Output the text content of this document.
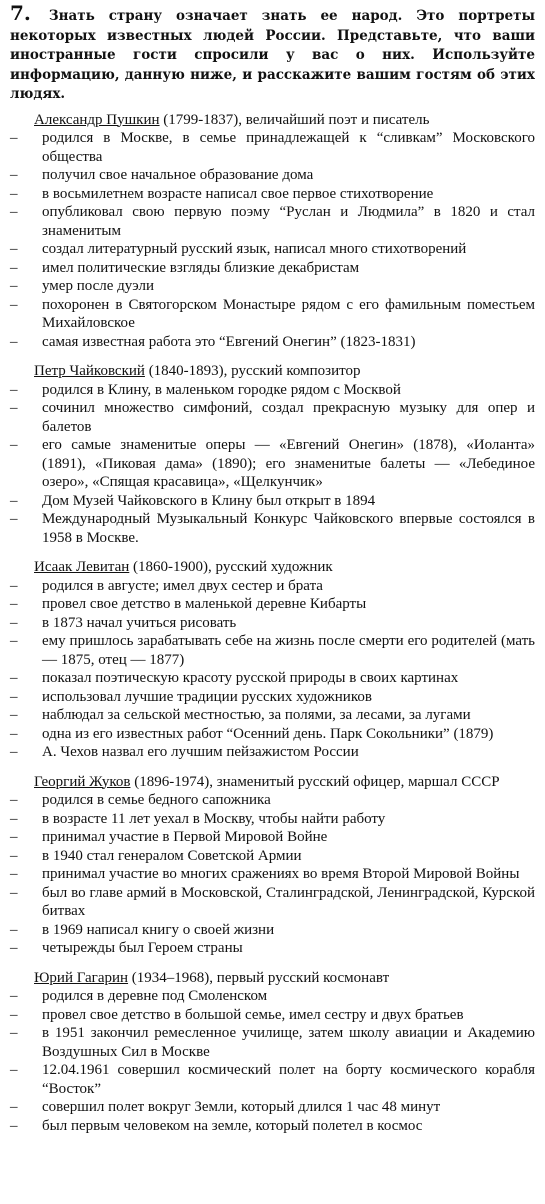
7. Знать страну означает знать ее народ. Это портреты некоторых известных людей России. Представьте, что ваши иностранные гости спросили у вас о них. Используйте информацию, данную ниже, и расскажите вашим гостям об этих людях.
Александр Пушкин (1799-1837), величайший поэт и писатель
–	родился в Москве, в семье принадлежащей к “сливкам” Московского общества
–	получил свое начальное образование дома
–	в восьмилетнем возрасте написал свое первое стихотворение
–	опубликовал свою первую поэму “Руслан и Людмила” в 1820 и стал знаменитым
–	создал литературный русский язык, написал много стихотворений
–	имел политические взгляды близкие декабристам
–	умер после дуэли
–	похоронен в Святогорском Монастыре рядом с его фамильным поместьем Михайловское
–	самая известная работа это “Евгений Онегин” (1823-1831)
Петр Чайковский (1840-1893), русский композитор
–	родился в Клину, в маленьком городке рядом с Москвой
–	сочинил множество симфоний, создал прекрасную музыку для опер и балетов
–	его самые знаменитые оперы — «Евгений Онегин» (1878), «Иоланта» (1891), «Пиковая дама» (1890); его знаменитые балеты — «Лебединое озеро», «Спящая красавица», «Щелкунчик»
–	Дом Музей Чайковского в Клину был открыт в 1894
–	Международный Музыкальный Конкурс Чайковского впервые состоялся в 1958 в Москве.
Исаак Левитан (1860-1900), русский художник
–	родился в августе; имел двух сестер и брата
–	провел свое детство в маленькой деревне Кибарты
–	в 1873 начал учиться рисовать
–	ему пришлось зарабатывать себе на жизнь после смерти его родителей (мать — 1875, отец — 1877)
–	показал поэтическую красоту русской природы в своих картинах
–	использовал лучшие традиции русских художников
–	наблюдал за сельской местностью, за полями, за лесами, за лугами
–	одна из его известных работ “Осенний день. Парк Сокольники” (1879)
–	А. Чехов назвал его лучшим пейзажистом России
Георгий Жуков (1896-1974), знаменитый русский офицер, маршал СССР
–	родился в семье бедного сапожника
–	в возрасте 11 лет уехал в Москву, чтобы найти работу
–	принимал участие в Первой Мировой Войне
–	в 1940 стал генералом Советской Армии
–	принимал участие во многих сражениях во время Второй Мировой Войны
–	был во главе армий в Московской, Сталинградской, Ленинградской, Курской битвах
–	в 1969 написал книгу о своей жизни
–	четырежды был Героем страны
Юрий Гагарин (1934–1968), первый русский космонавт
–	родился в деревне под Смоленском
–	провел свое детство в большой семье, имел сестру и двух братьев
–	в 1951 закончил ремесленное училище, затем школу авиации и Академию Воздушных Сил в Москве
–	12.04.1961 совершил космический полет на борту космического корабля “Восток”
–	совершил полет вокруг Земли, который длился 1 час 48 минут
–	был первым человеком на земле, который полетел в космос
